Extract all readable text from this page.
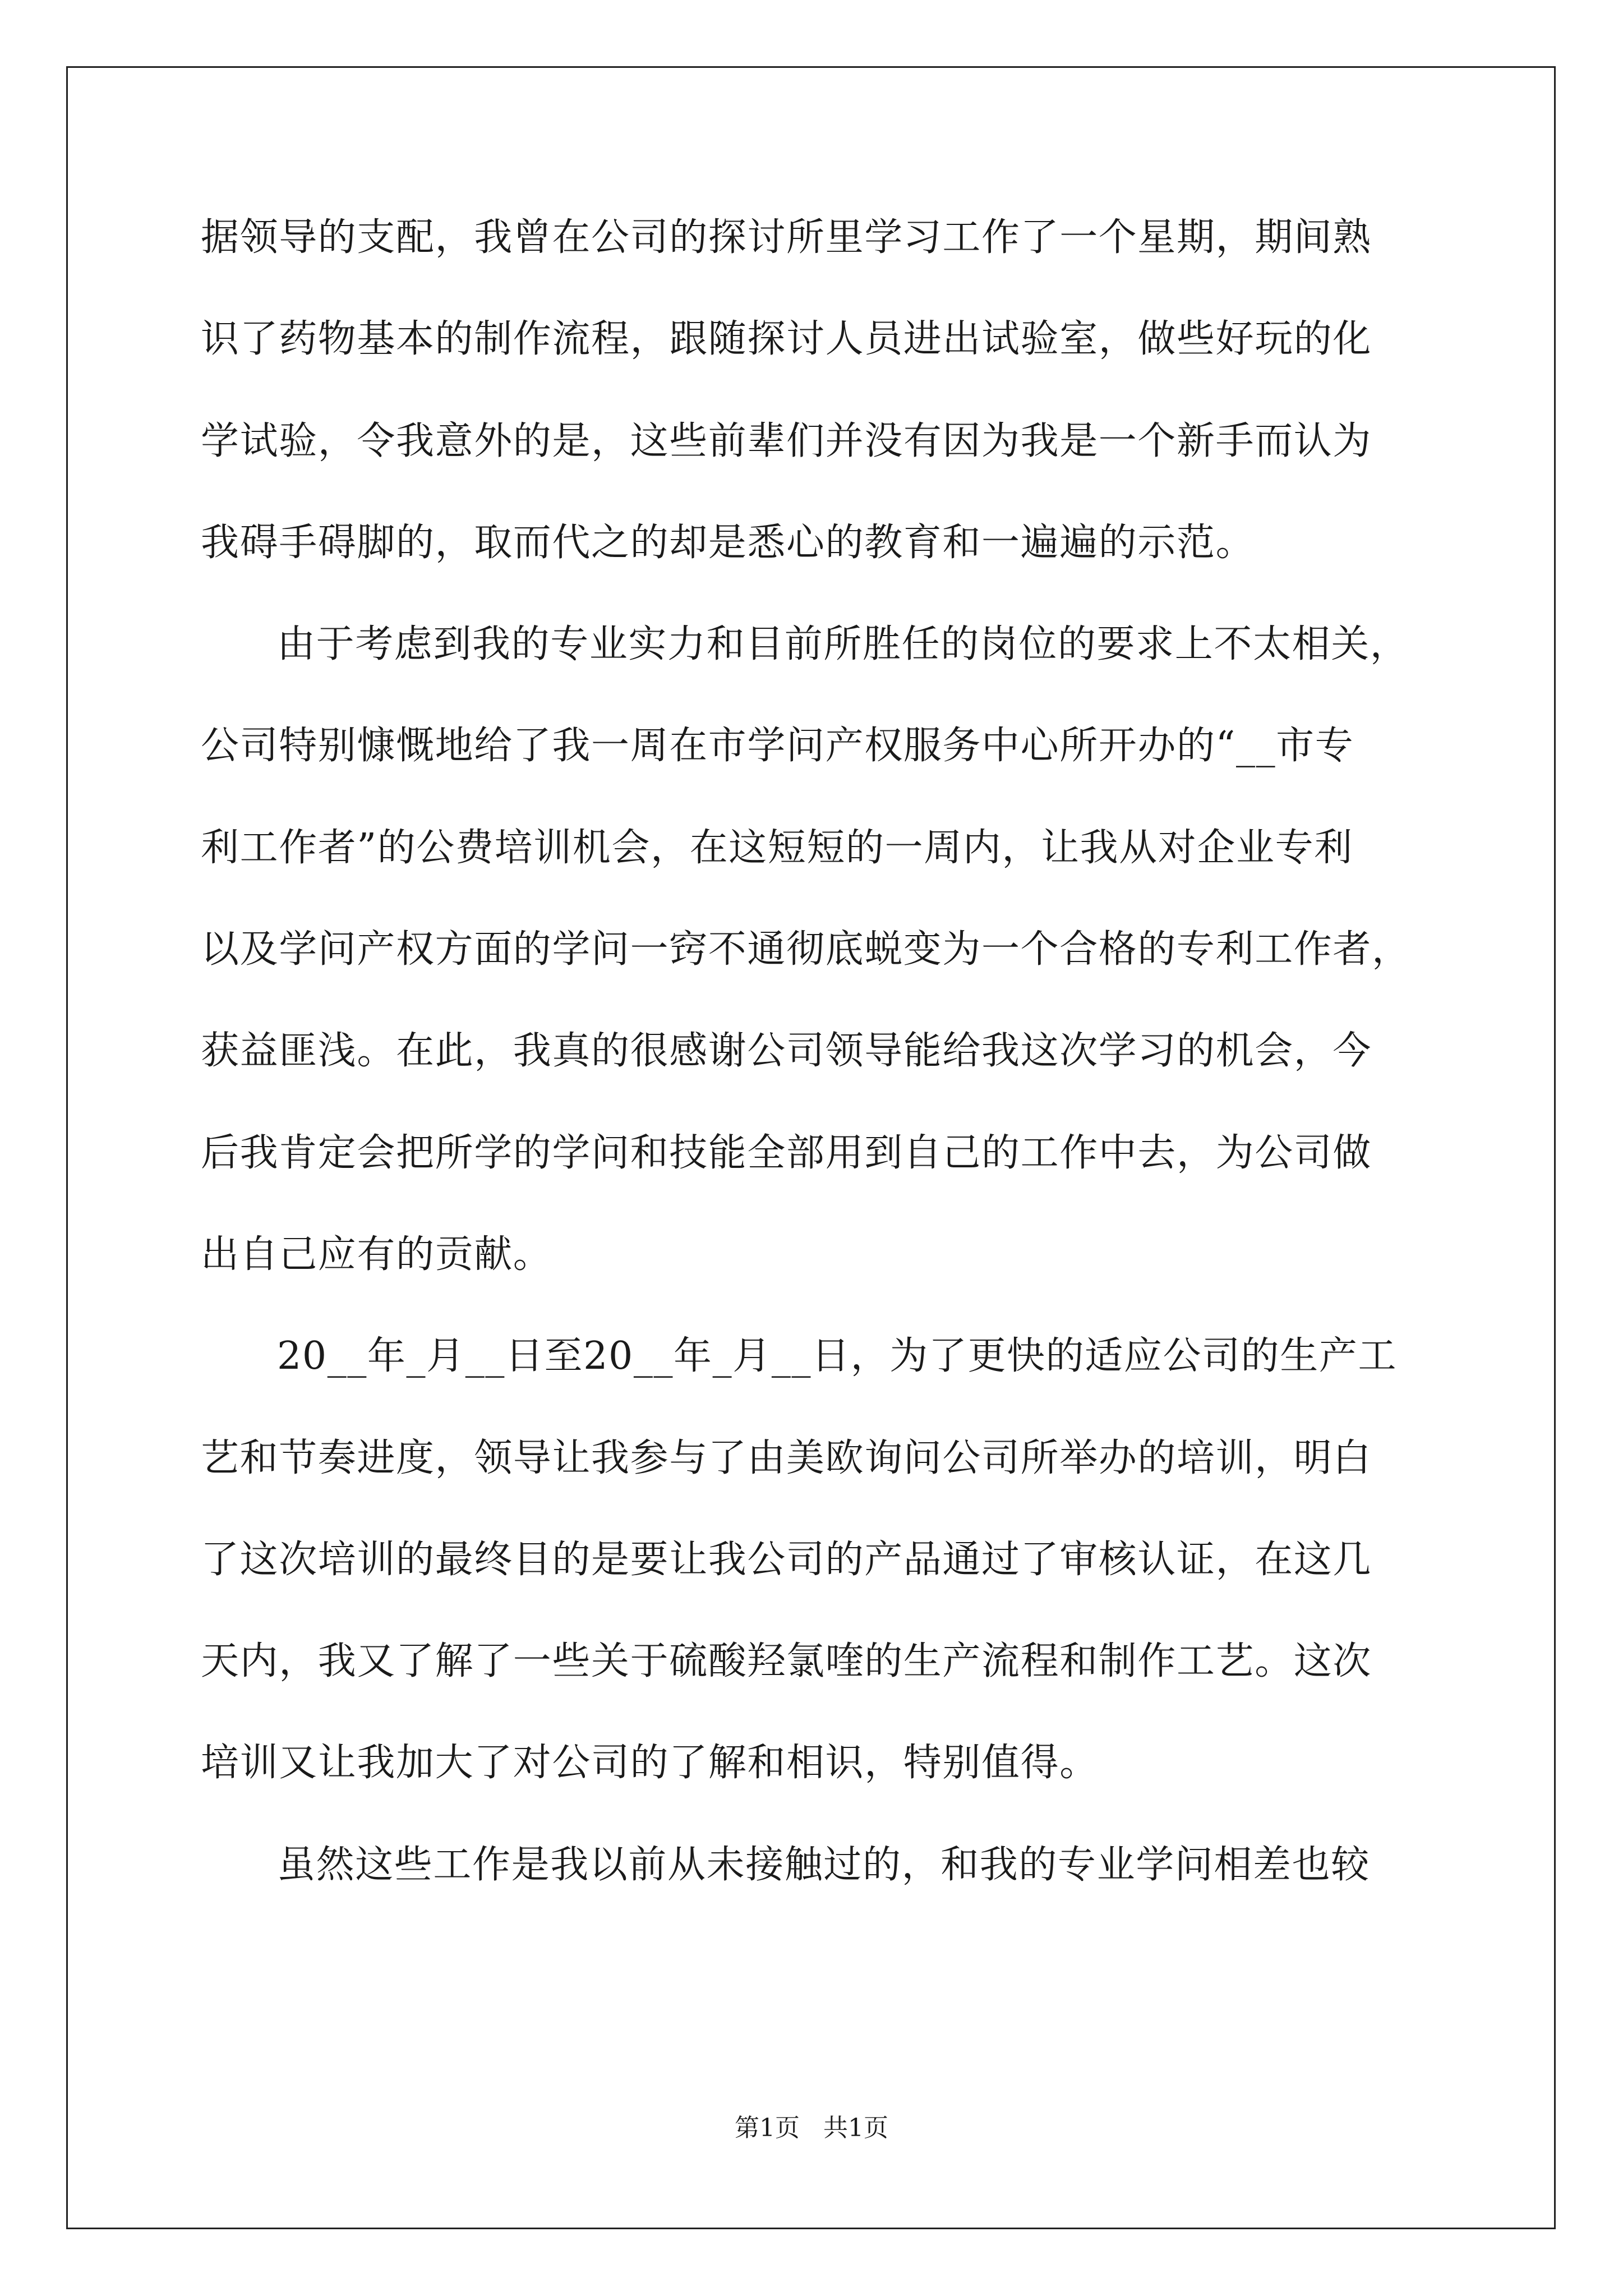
据领导的支配，我曾在公司的探讨所里学习工作了一个星期，期间熟
识了药物基本的制作流程，跟随探讨人员进出试验室，做些好玩的化
学试验，令我意外的是，这些前辈们并没有因为我是一个新手而认为
我碍手碍脚的，取而代之的却是悉心的教育和一遍遍的示范。
由于考虑到我的专业实力和目前所胜任的岗位的要求上不太相关，
公司特别慷慨地给了我一周在市学问产权服务中心所开办的“__市专
利工作者”的公费培训机会，在这短短的一周内，让我从对企业专利
以及学问产权方面的学问一窍不通彻底蜕变为一个合格的专利工作者，
获益匪浅。在此，我真的很感谢公司领导能给我这次学习的机会，今
后我肯定会把所学的学问和技能全部用到自己的工作中去，为公司做
出自己应有的贡献。
20__年_月__日至20__年_月__日，为了更快的适应公司的生产工
艺和节奏进度，领导让我参与了由美欧询问公司所举办的培训，明白
了这次培训的最终目的是要让我公司的产品通过了审核认证，在这几
天内，我又了解了一些关于硫酸羟氯喹的生产流程和制作工艺。这次
培训又让我加大了对公司的了解和相识，特别值得。
虽然这些工作是我以前从未接触过的，和我的专业学问相差也较
第1页 共1页
